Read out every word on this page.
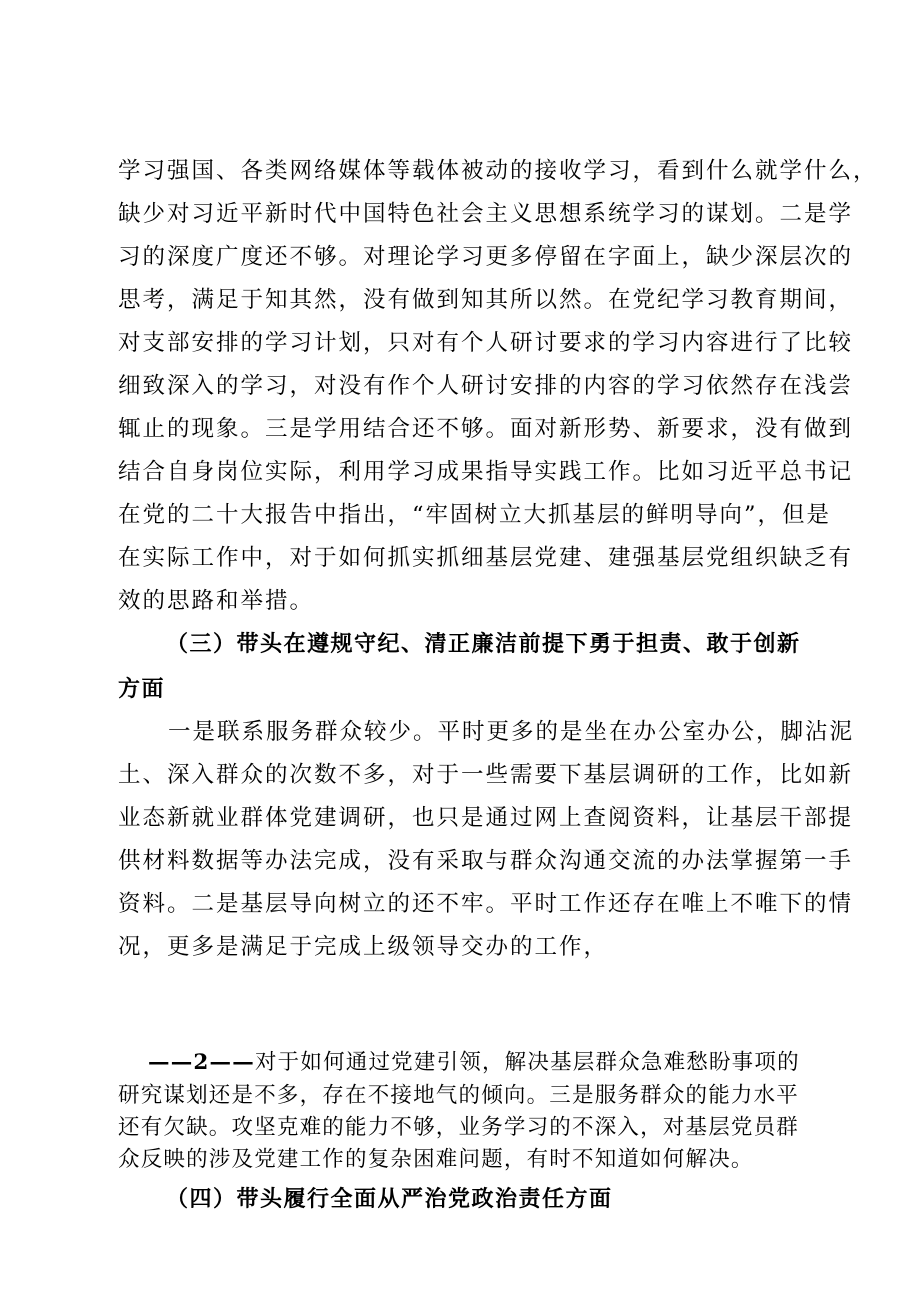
学习强国、各类网络媒体等载体被动的接收学习，看到什么就学什么，
缺少对习近平新时代中国特色社会主义思想系统学习的谋划。二是学
习的深度广度还不够。对理论学习更多停留在字面上，缺少深层次的
思考，满足于知其然，没有做到知其所以然。在党纪学习教育期间，
对支部安排的学习计划，只对有个人研讨要求的学习内容进行了比较
细致深入的学习，对没有作个人研讨安排的内容的学习依然存在浅尝
辄止的现象。三是学用结合还不够。面对新形势、新要求，没有做到
结合自身岗位实际，利用学习成果指导实践工作。比如习近平总书记
在党的二十大报告中指出，“牢固树立大抓基层的鲜明导向”，但是
在实际工作中，对于如何抓实抓细基层党建、建强基层党组织缺乏有
效的思路和举措。
（三）带头在遵规守纪、清正廉洁前提下勇于担责、敢于创新
方面
一是联系服务群众较少。平时更多的是坐在办公室办公，脚沾泥
土、深入群众的次数不多，对于一些需要下基层调研的工作，比如新
业态新就业群体党建调研，也只是通过网上查阅资料，让基层干部提
供材料数据等办法完成，没有采取与群众沟通交流的办法掌握第一手
资料。二是基层导向树立的还不牢。平时工作还存在唯上不唯下的情
况，更多是满足于完成上级领导交办的工作，
——2——对于如何通过党建引领，解决基层群众急难愁盼事项的
研究谋划还是不多，存在不接地气的倾向。三是服务群众的能力水平
还有欠缺。攻坚克难的能力不够，业务学习的不深入，对基层党员群
众反映的涉及党建工作的复杂困难问题，有时不知道如何解决。
（四）带头履行全面从严治党政治责任方面
